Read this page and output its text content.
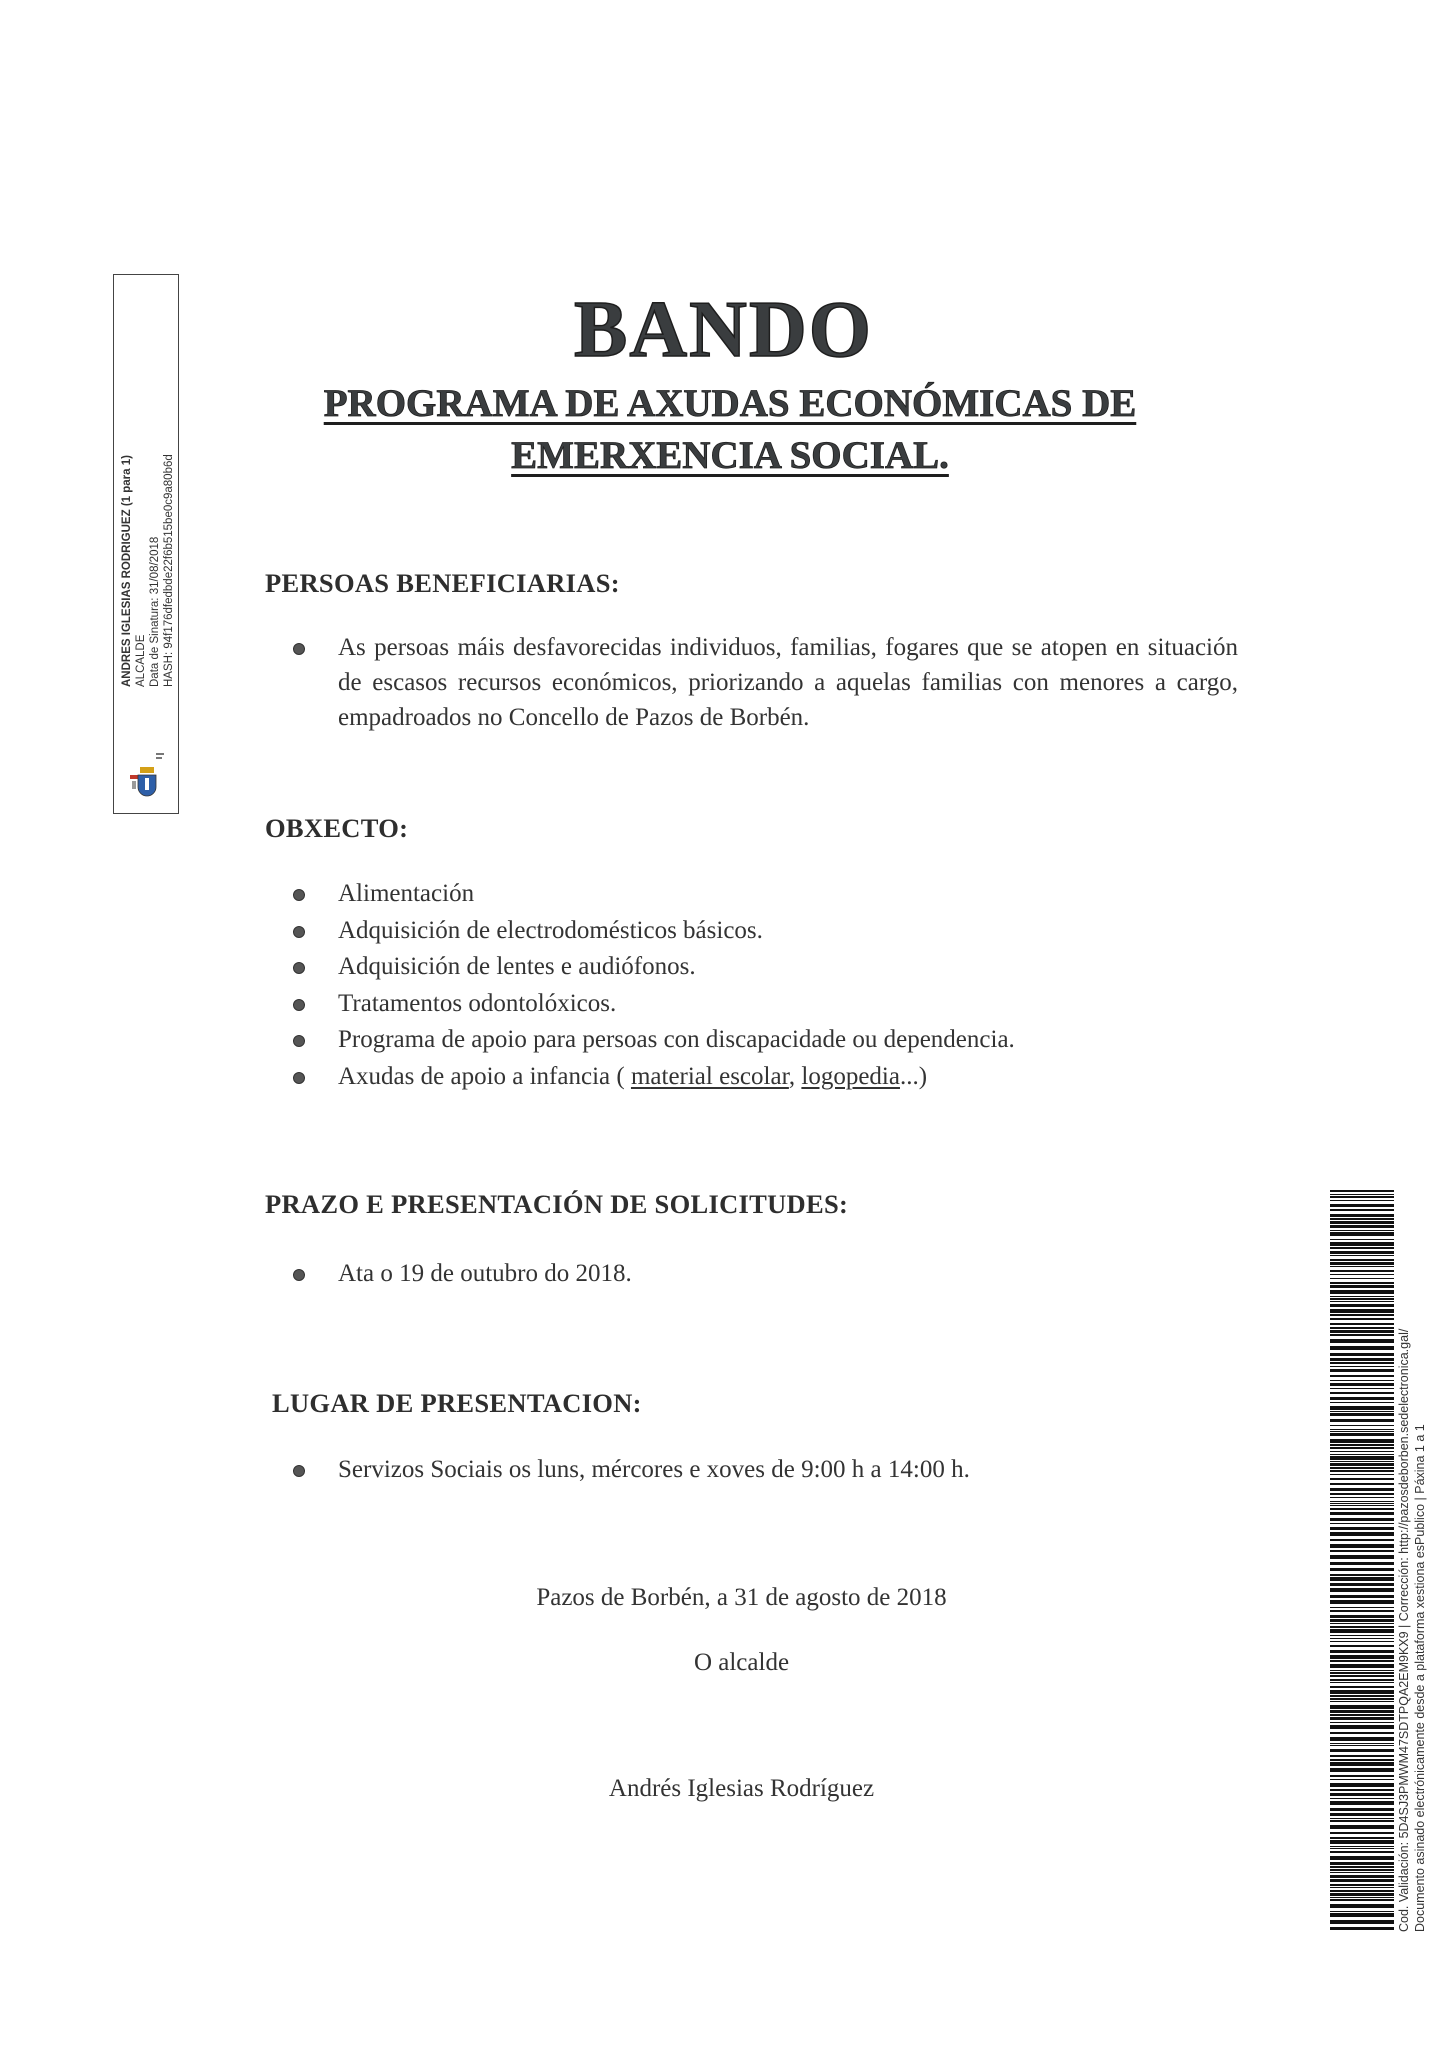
ANDRES IGLESIAS RODRIGUEZ (1 para 1) ALCALDE Data de Sinatura: 31/08/2018 HASH: 94f176dfedbde22f6b515be0c9a80b6d
BANDO
PROGRAMA DE AXUDAS ECONÓMICAS DE
EMERXENCIA SOCIAL.
PERSOAS BENEFICIARIAS:
As persoas máis desfavorecidas individuos, familias, fogares que se atopen en situación de escasos recursos económicos, priorizando a aquelas familias con menores a cargo, empadroados no Concello de Pazos de Borbén.
OBXECTO:
Alimentación
Adquisición de electrodomésticos básicos.
Adquisición de lentes e audiófonos.
Tratamentos odontolóxicos.
Programa de apoio para persoas con discapacidade ou dependencia.
Axudas de apoio a infancia ( material escolar, logopedia...)
PRAZO E PRESENTACIÓN DE SOLICITUDES:
Ata o 19 de outubro do 2018.
LUGAR DE PRESENTACION:
Servizos Sociais os luns, mércores e xoves de 9:00 h a 14:00 h.
Pazos de Borbén, a 31 de agosto de 2018
O alcalde
Andrés Iglesias Rodríguez	Cod. Validación: 5D4SJ3PMWM47SDTPQA2EM9KX9 | Corrección: http://pazosdeborben.sedelectronica.gal/ Documento asinado electrónicamente desde a plataforma xestiona esPublico | Páxina 1 a 1
